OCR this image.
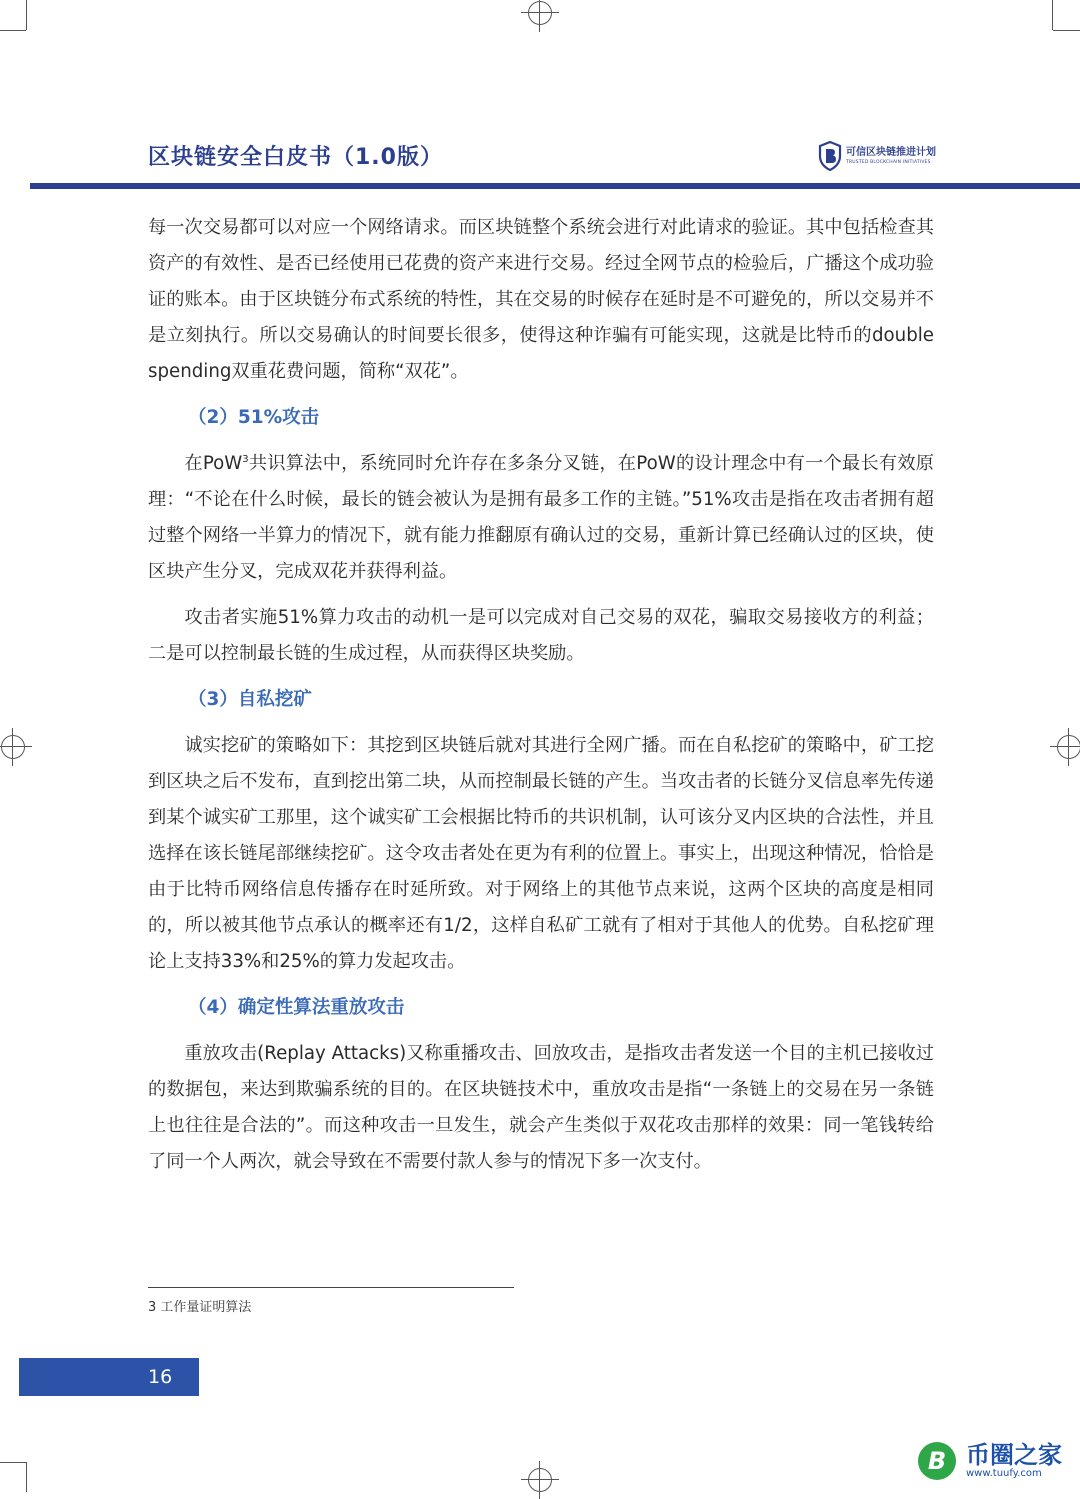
区块链安全白皮书（1.0版）	可信区块链推进计划
TRUSTED BLOCKCHAIN INITIATIVES

每一次交易都可以对应一个网络请求。而区块链整个系统会进行对此请求的验证。其中包括检查其资产的有效性、是否已经使用已花费的资产来进行交易。经过全网节点的检验后，广播这个成功验证的账本。由于区块链分布式系统的特性，其在交易的时候存在延时是不可避免的，所以交易并不是立刻执行。所以交易确认的时间要长很多，使得这种诈骗有可能实现，这就是比特币的double　spending双重花费问题，简称“双花”。

（2）51%攻击

在PoW$^3$共识算法中，系统同时允许存在多条分叉链，在PoW的设计理念中有一个最长有效原理：“不论在什么时候，最长的链会被认为是拥有最多工作的主链。”51%攻击是指在攻击者拥有超过整个网络一半算力的情况下，就有能力推翻原有确认过的交易，重新计算已经确认过的区块，使区块产生分叉，完成双花并获得利益。

攻击者实施51%算力攻击的动机一是可以完成对自己交易的双花，骗取交易接收方的利益；二是可以控制最长链的生成过程，从而获得区块奖励。

（3）自私挖矿

诚实挖矿的策略如下：其挖到区块链后就对其进行全网广播。而在自私挖矿的策略中，矿工挖到区块之后不发布，直到挖出第二块，从而控制最长链的产生。当攻击者的长链分叉信息率先传递到某个诚实矿工那里，这个诚实矿工会根据比特币的共识机制，认可该分叉内区块的合法性，并且选择在该长链尾部继续挖矿。这令攻击者处在更为有利的位置上。事实上，出现这种情况，恰恰是由于比特币网络信息传播存在时延所致。对于网络上的其他节点来说，这两个区块的高度是相同的，所以被其他节点承认的概率还有1/2，这样自私矿工就有了相对于其他人的优势。自私挖矿理论上支持33%和25%的算力发起攻击。

（4）确定性算法重放攻击

重放攻击(Replay Attacks)又称重播攻击、回放攻击，是指攻击者发送一个目的主机已接收过的数据包，来达到欺骗系统的目的。在区块链技术中，重放攻击是指“一条链上的交易在另一条链上也往往是合法的”。而这种攻击一旦发生，就会产生类似于双花攻击那样的效果：同一笔钱转给了同一个人两次，就会导致在不需要付款人参与的情况下多一次支付。

3 工作量证明算法
16
B 币圈之家
www.tuufy.com
